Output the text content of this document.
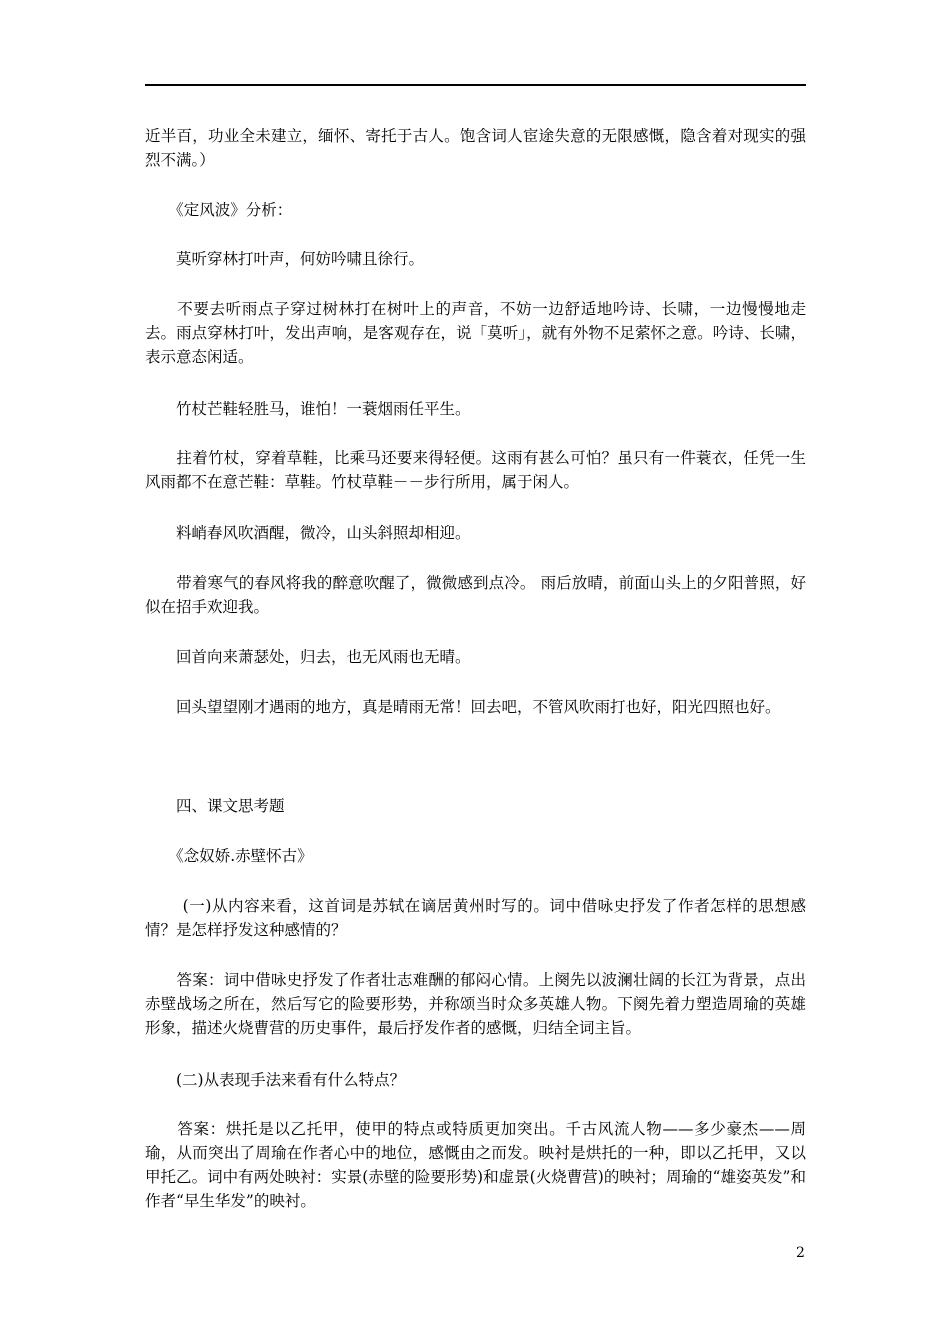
近半百，功业全未建立，缅怀、寄托于古人。饱含词人宦途失意的无限感慨，隐含着对现实的强烈不满。）

　　《定风波》分析：

　　莫听穿林打叶声，何妨吟啸且徐行。

　　不要去听雨点子穿过树林打在树叶上的声音，不妨一边舒适地吟诗、长啸，一边慢慢地走去。雨点穿林打叶，发出声响，是客观存在，说「莫听」，就有外物不足萦怀之意。吟诗、长啸，表示意态闲适。

　　竹杖芒鞋轻胜马，谁怕！一蓑烟雨任平生。

　　拄着竹杖，穿着草鞋，比乘马还要来得轻便。这雨有甚么可怕？虽只有一件蓑衣，任凭一生风雨都不在意芒鞋：草鞋。竹杖草鞋－－步行所用，属于闲人。

　　料峭春风吹酒醒，微冷，山头斜照却相迎。

　　带着寒气的春风将我的醉意吹醒了，微微感到点冷。 雨后放晴，前面山头上的夕阳普照，好似在招手欢迎我。

　　回首向来萧瑟处，归去，也无风雨也无晴。

　　回头望望刚才遇雨的地方，真是晴雨无常！回去吧，不管风吹雨打也好，阳光四照也好。

　　四、课文思考题

　　《念奴娇.赤壁怀古》

　　 (一)从内容来看，这首词是苏轼在谪居黄州时写的。词中借咏史抒发了作者怎样的思想感情？是怎样抒发这种感情的？

　　答案：词中借咏史抒发了作者壮志难酬的郁闷心情。上阕先以波澜壮阔的长江为背景，点出赤壁战场之所在，然后写它的险要形势，并称颂当时众多英雄人物。下阕先着力塑造周瑜的英雄形象，描述火烧曹营的历史事件，最后抒发作者的感慨，归结全词主旨。

　　(二)从表现手法来看有什么特点？

　　答案：烘托是以乙托甲，使甲的特点或特质更加突出。千古风流人物——多少豪杰——周瑜，从而突出了周瑜在作者心中的地位，感慨由之而发。映衬是烘托的一种，即以乙托甲，又以甲托乙。词中有两处映衬：实景(赤壁的险要形势)和虚景(火烧曹营)的映衬；周瑜的“雄姿英发”和作者“早生华发”的映衬。

2
